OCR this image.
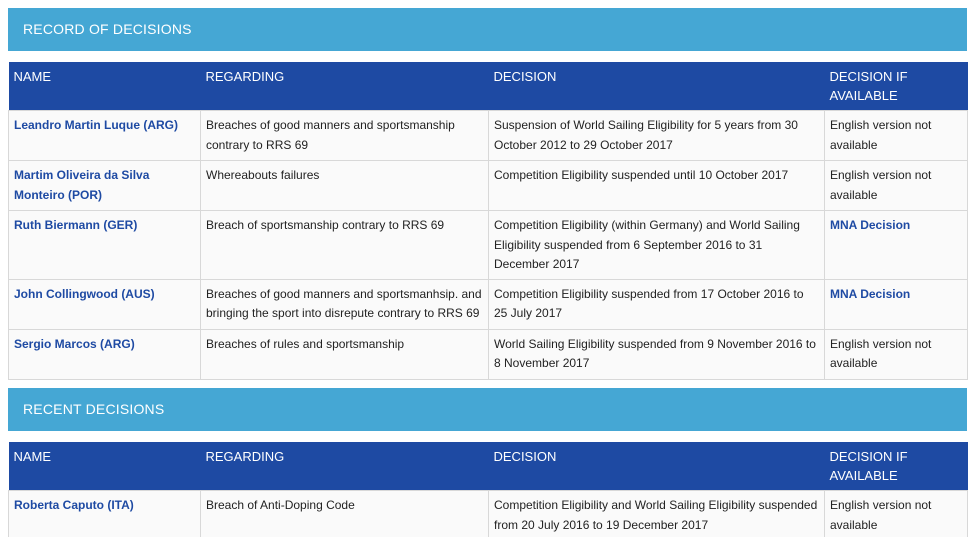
RECORD OF DECISIONS
NAME	REGARDING	DECISION	DECISION IF AVAILABLE
Leandro Martin Luque (ARG)	Breaches of good manners and sportsmanship contrary to RRS 69	Suspension of World Sailing Eligibility for 5 years from 30 October 2012 to 29 October 2017	English version not available
Martim Oliveira da Silva Monteiro (POR)	Whereabouts failures	Competition Eligibility suspended until 10 October 2017	English version not available
Ruth Biermann (GER)	Breach of sportsmanship contrary to RRS 69	Competition Eligibility (within Germany) and World Sailing Eligibility suspended from 6 September 2016 to 31 December 2017	MNA Decision
John Collingwood (AUS)	Breaches of good manners and sportsmanhsip. and bringing the sport into disrepute contrary to RRS 69	Competition Eligibility suspended from 17 October 2016 to 25 July 2017	MNA Decision
Sergio Marcos (ARG)	Breaches of rules and sportsmanship	World Sailing Eligibility suspended from 9 November 2016 to 8 November 2017	English version not available
RECENT DECISIONS
NAME	REGARDING	DECISION	DECISION IF AVAILABLE
Roberta Caputo (ITA)	Breach of Anti-Doping Code	Competition Eligibility and World Sailing Eligibility suspended from 20 July 2016 to 19 December 2017	English version not available
